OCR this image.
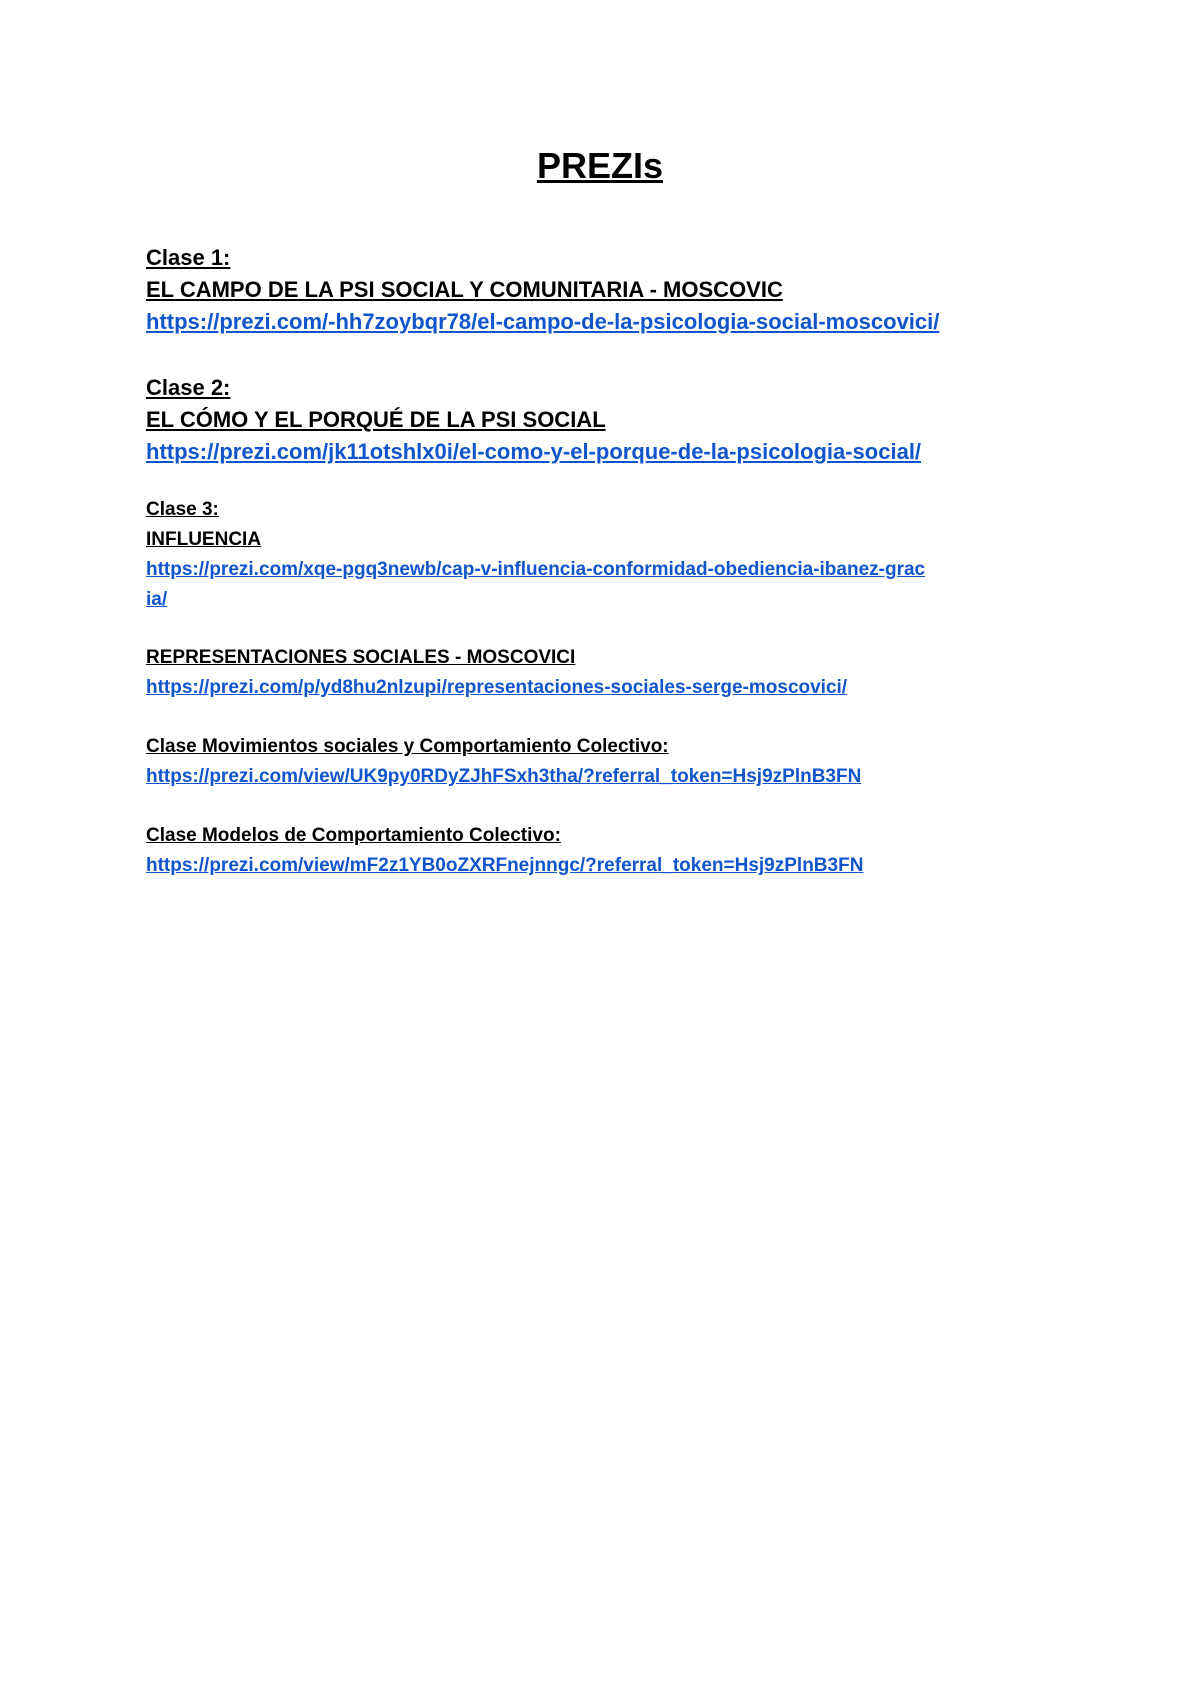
PREZIs
Clase 1:
EL CAMPO DE LA PSI SOCIAL Y COMUNITARIA - MOSCOVIC
https://prezi.com/-hh7zoybqr78/el-campo-de-la-psicologia-social-moscovici/
Clase 2:
EL CÓMO Y EL PORQUÉ DE LA PSI SOCIAL
https://prezi.com/jk11otshlx0i/el-como-y-el-porque-de-la-psicologia-social/
Clase 3:
INFLUENCIA
https://prezi.com/xqe-pgq3newb/cap-v-influencia-conformidad-obediencia-ibanez-grac
ia/
REPRESENTACIONES SOCIALES - MOSCOVICI
https://prezi.com/p/yd8hu2nlzupi/representaciones-sociales-serge-moscovici/
Clase Movimientos sociales y Comportamiento Colectivo:
https://prezi.com/view/UK9py0RDyZJhFSxh3tha/?referral_token=Hsj9zPlnB3FN
Clase Modelos de Comportamiento Colectivo:
https://prezi.com/view/mF2z1YB0oZXRFnejnngc/?referral_token=Hsj9zPlnB3FN
